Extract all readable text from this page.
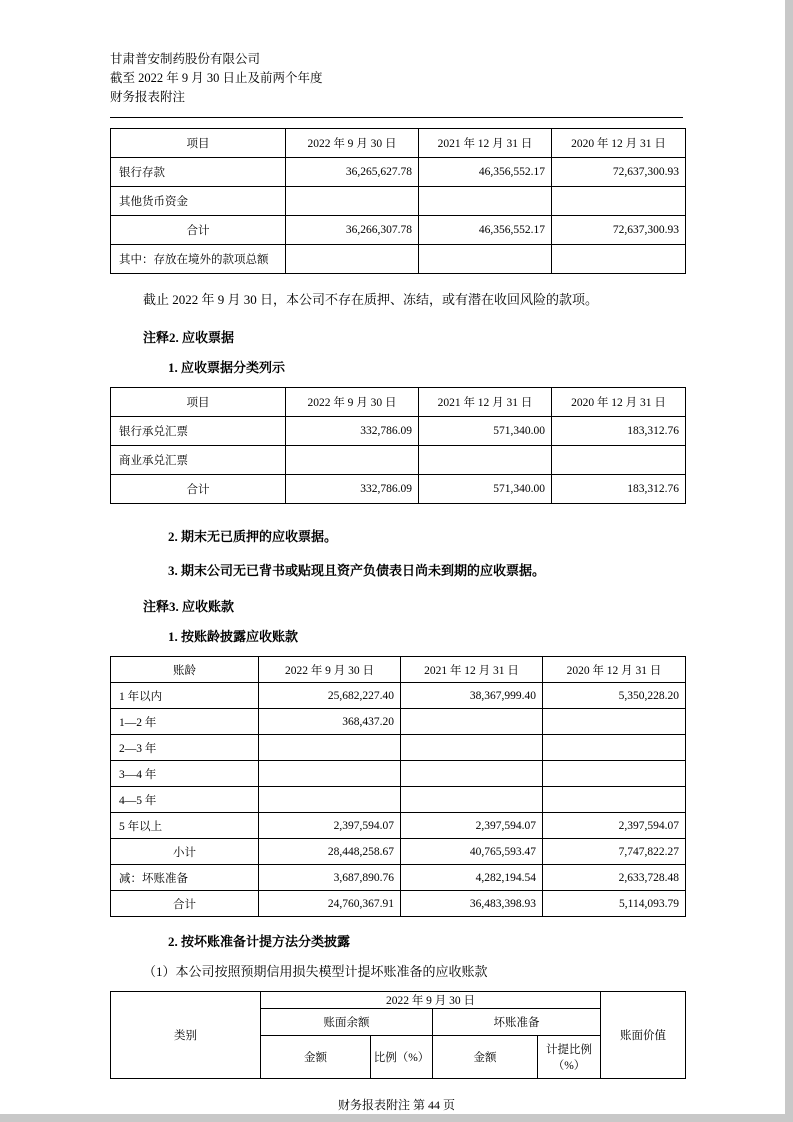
甘肃普安制药股份有限公司
截至 2022 年 9 月 30 日止及前两个年度
财务报表附注
项目	2022 年 9 月 30 日	2021 年 12 月 31 日	2020 年 12 月 31 日
银行存款	36,265,627.78	46,356,552.17	72,637,300.93
其他货币资金			
合计	36,266,307.78	46,356,552.17	72,637,300.93
其中：存放在境外的款项总额			
截止 2022 年 9 月 30 日，本公司不存在质押、冻结，或有潜在收回风险的款项。
注释2. 应收票据
1. 应收票据分类列示
项目	2022 年 9 月 30 日	2021 年 12 月 31 日	2020 年 12 月 31 日
银行承兑汇票	332,786.09	571,340.00	183,312.76
商业承兑汇票			
合计	332,786.09	571,340.00	183,312.76
2. 期末无已质押的应收票据。
3. 期末公司无已背书或贴现且资产负债表日尚未到期的应收票据。
注释3. 应收账款
1. 按账龄披露应收账款
账龄	2022 年 9 月 30 日	2021 年 12 月 31 日	2020 年 12 月 31 日
1 年以内	25,682,227.40	38,367,999.40	5,350,228.20
1—2 年	368,437.20		
2—3 年			
3—4 年			
4—5 年			
5 年以上	2,397,594.07	2,397,594.07	2,397,594.07
小计	28,448,258.67	40,765,593.47	7,747,822.27
减：坏账准备	3,687,890.76	4,282,194.54	2,633,728.48
合计	24,760,367.91	36,483,398.93	5,114,093.79
2. 按坏账准备计提方法分类披露
（1）本公司按照预期信用损失模型计提坏账准备的应收账款
类别	2022 年 9 月 30 日				账面价值
	账面余额		坏账准备		
	金额	比例（%）	金额	计提比例（%）	
财务报表附注 第 44 页
